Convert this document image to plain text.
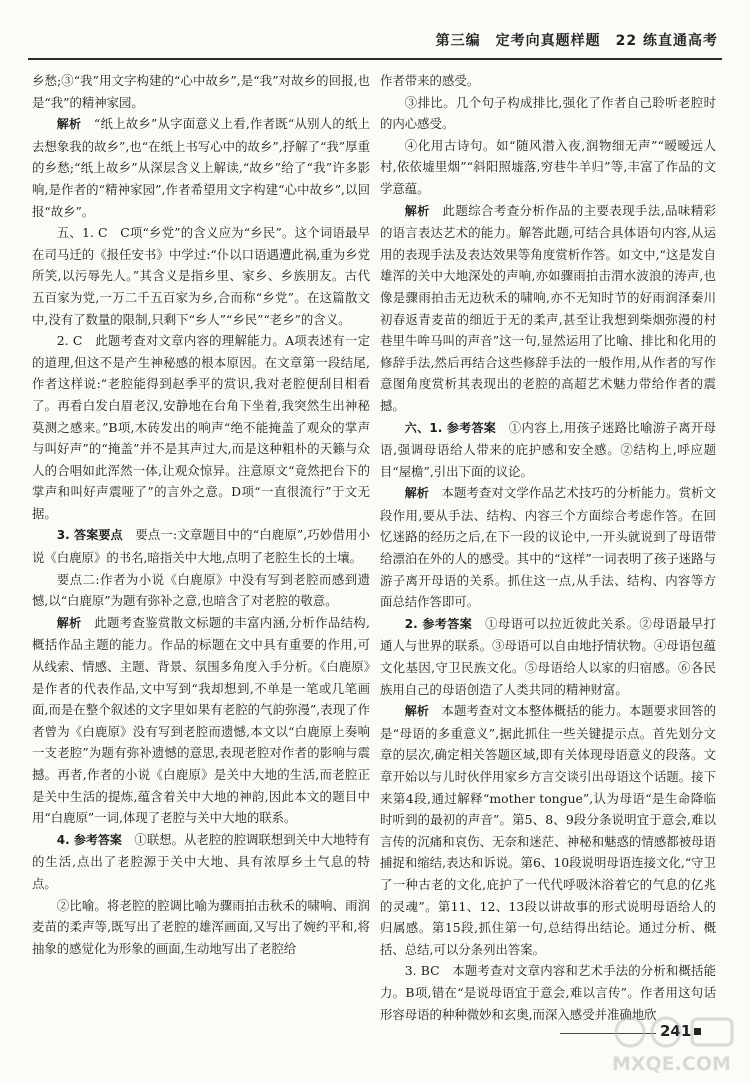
第三编　定考向真题样题　22 练直通高考

乡愁;③“我”用文字构建的“心中故乡”,是“我”对故乡的回报,也是“我”的精神家园。

解析　 “纸上故乡”从字面意义上看,作者既“从别人的纸上去想象我的故乡”,也“在纸上书写心中的故乡”,抒解了“我”厚重的乡愁;“纸上故乡”从深层含义上解读,“故乡”给了“我”许多影响,是作者的“精神家园”,作者希望用文字构建“心中故乡”,以回报“故乡”。

五、1. C　C项“乡党”的含义应为“乡民”。这个词语最早在司马迁的《报任安书》中学过:“仆以口语遇遭此祸,重为乡党所笑,以污辱先人。”其含义是指乡里、家乡、乡族朋友。古代五百家为党,一万二千五百家为乡,合而称“乡党”。在这篇散文中,没有了数量的限制,只剩下“乡人”“乡民”“老乡”的含义。

2. C　此题考查对文章内容的理解能力。A项表述有一定的道理,但这不是产生神秘感的根本原因。在文章第一段结尾,作者这样说:“老腔能得到赵季平的赏识,我对老腔便刮目相看了。再看白发白眉老汉,安静地在台角下坐着,我突然生出神秘莫测之感来。”B项,木砖发出的响声“绝不能掩盖了观众的掌声与叫好声”的“掩盖”并不是其声过大,而是这种粗朴的天籁与众人的合唱如此浑然一体,让观众惊异。注意原文“竟然把台下的掌声和叫好声震哑了”的言外之意。D项“一直很流行”于文无据。

3. 答案要点　 要点一:文章题目中的“白鹿原”,巧妙借用小说《白鹿原》的书名,暗指关中大地,点明了老腔生长的土壤。

要点二:作者为小说《白鹿原》中没有写到老腔而感到遗憾,以“白鹿原”为题有弥补之意,也暗含了对老腔的敬意。

解析　 此题考查鉴赏散文标题的丰富内涵,分析作品结构,概括作品主题的能力。作品的标题在文中具有重要的作用,可从线索、情感、主题、背景、氛围多角度入手分析。《白鹿原》是作者的代表作品,文中写到“我却想到,不单是一笔或几笔画面,而是在整个叙述的文字里如果有老腔的气韵弥漫”,表现了作者曾为《白鹿原》没有写到老腔而遗憾,本文以“白鹿原上奏响一支老腔”为题有弥补遗憾的意思,表现老腔对作者的影响与震撼。再者,作者的小说《白鹿原》是关中大地的生活,而老腔正是关中生活的提炼,蕴含着关中大地的神韵,因此本文的题目中用“白鹿原”一词,体现了老腔与关中大地的联系。

4. 参考答案　 ①联想。从老腔的腔调联想到关中大地特有的生活,点出了老腔源于关中大地、具有浓厚乡土气息的特点。

②比喻。将老腔的腔调比喻为骤雨拍击秋禾的啸响、雨润麦苗的柔声等,既写出了老腔的雄浑画面,又写出了婉约平和,将抽象的感觉化为形象的画面,生动地写出了老腔给

作者带来的感受。

③排比。几个句子构成排比,强化了作者自己聆听老腔时的内心感受。

④化用古诗句。如“随风潜入夜,润物细无声”“暧暧远人村,依依墟里烟”“斜阳照墟落,穷巷牛羊归”等,丰富了作品的文学意蕴。

解析　 此题综合考查分析作品的主要表现手法,品味精彩的语言表达艺术的能力。解答此题,可结合具体语句内容,从运用的表现手法及表达效果等角度赏析作答。如文中,“这是发自雄浑的关中大地深处的声响,亦如骤雨拍击渭水波浪的涛声,也像是骤雨拍击无边秋禾的啸响,亦不无知时节的好雨润泽秦川初春返青麦苗的细近于无的柔声,甚至让我想到柴烟弥漫的村巷里牛哞马叫的声音”这一句,显然运用了比喻、排比和化用的修辞手法,然后再结合这些修辞手法的一般作用,从作者的写作意图角度赏析其表现出的老腔的高超艺术魅力带给作者的震撼。

六、1. 参考答案　 ①内容上,用孩子迷路比喻游子离开母语,强调母语给人带来的庇护感和安全感。②结构上,呼应题目“屋檐”,引出下面的议论。

解析　 本题考查对文学作品艺术技巧的分析能力。赏析文段作用,要从手法、结构、内容三个方面综合考虑作答。在回忆迷路的经历之后,在下一段的议论中,一开头就说到了母语带给漂泊在外的人的感受。其中的“这样”一词表明了孩子迷路与游子离开母语的关系。抓住这一点,从手法、结构、内容等方面总结作答即可。

2. 参考答案　 ①母语可以拉近彼此关系。②母语最早打通人与世界的联系。③母语可以自由地抒情状物。④母语包蕴文化基因,守卫民族文化。⑤母语给人以家的归宿感。⑥各民族用自己的母语创造了人类共同的精神财富。

解析　 本题考查对文本整体概括的能力。本题要求回答的是“母语的多重意义”,据此抓住一些关键提示点。首先划分文章的层次,确定相关答题区域,即有关体现母语意义的段落。文章开始以与儿时伙伴用家乡方言交谈引出母语这个话题。接下来第4段,通过解释“mother tongue”,认为母语“是生命降临时听到的最初的声音”。第5、8、9段分条说明宜于意会,难以言传的沉痛和哀伤、无奈和迷茫、神秘和魅惑的情感都被母语捕捉和缩结,表达和诉说。第6、10段说明母语连接文化,“守卫了一种古老的文化,庇护了一代代呼吸沐浴着它的气息的亿兆的灵魂”。第11、12、13段以讲故事的形式说明母语给人的归属感。第15段,抓住第一句,总结得出结论。通过分析、概括、总结,可以分条列出答案。

3. BC　本题考查对文章内容和艺术手法的分析和概括能力。B项,错在“是说母语宜于意会,难以言传”。作者用这句话形容母语的种种微妙和玄奥,而深入感受并准确地欣

241
MXQE.COM
